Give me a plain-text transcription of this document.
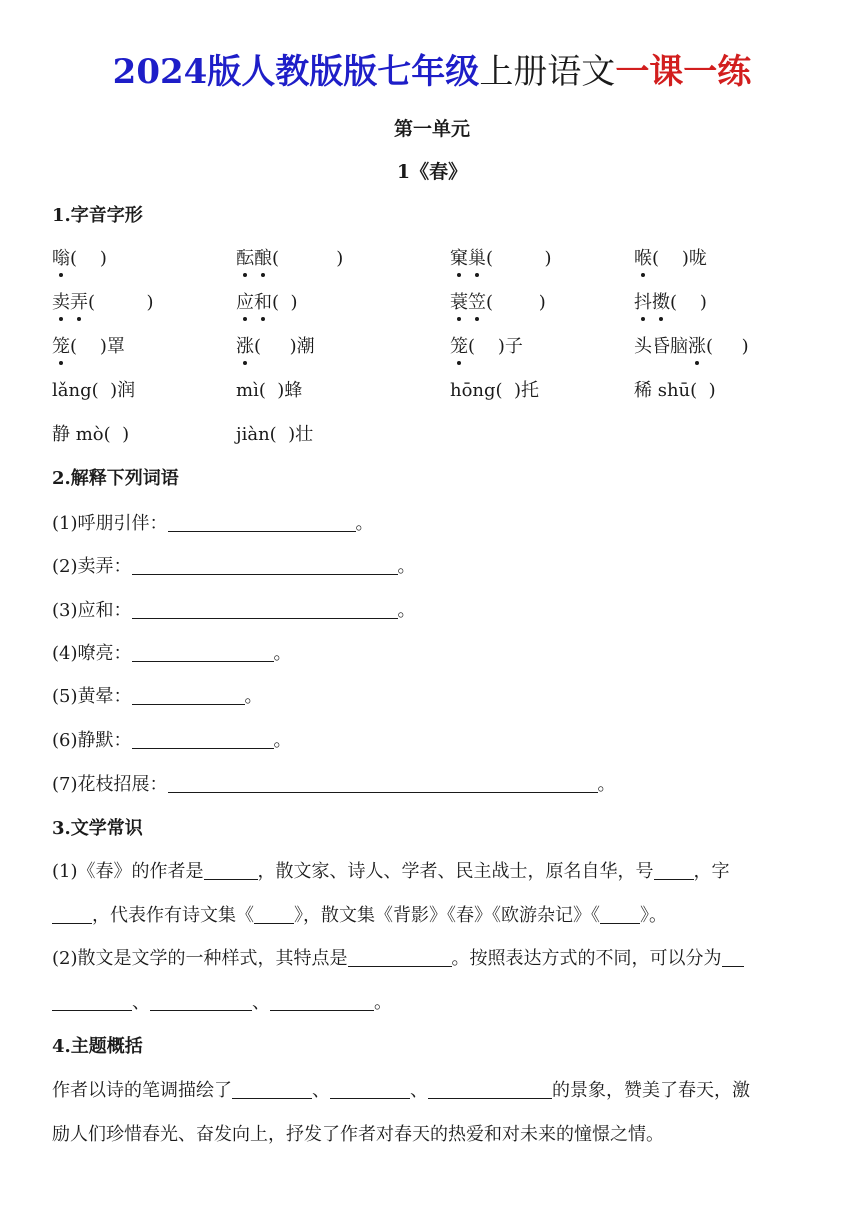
2024版人教版版七年级上册语文一课一练
第一单元
1《春》
1.字音字形
嗡(    )	酝酿(          )	窠巢(         )	喉(    )咙
卖弄(         )	应和(  )	蓑笠(        )	抖擞(    )
笼(    )罩	涨(     )潮	笼(    )子	头昏脑涨(     )
lǎng(  )润	mì(  )蜂	hōng(  )托	稀 shū(  )
静 mò(  )	jiàn(  )壮
2.解释下列词语
(1)呼朋引伴：	。
(2)卖弄：	。
(3)应和：	。
(4)嘹亮：	。
(5)黄晕：	。
(6)静默：	。
(7)花枝招展：	。
3.文学常识
(1)《春》的作者是	，散文家、诗人、学者、民主战士，原名自华，号 ，字
，代表作有诗文集《 》，散文集《背影》《春》《欧游杂记》《 》。
(2)散文是文学的一种样式，其特点是	。按照表达方式的不同，可以分为
、	、	。
4.主题概括
作者以诗的笔调描绘了	、	、	的景象，赞美了春天，激
励人们珍惜春光、奋发向上，抒发了作者对春天的热爱和对未来的憧憬之情。
